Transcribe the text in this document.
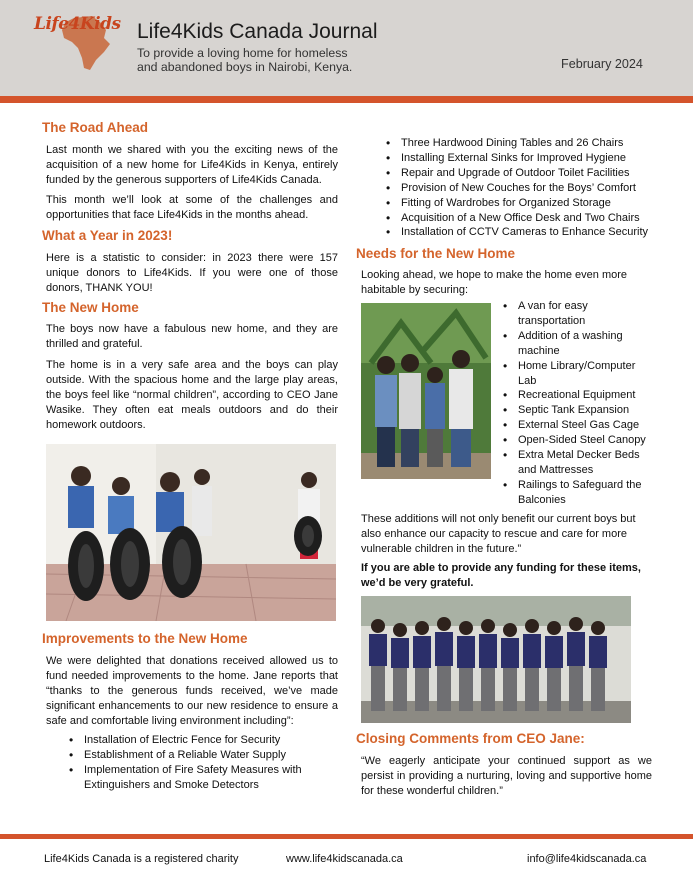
Life4Kids Life4Kids Canada Journal
To provide a loving home for homeless
and abandoned boys in Nairobi, Kenya.	February 2024
The Road Ahead
Last month we shared with you the exciting news of the acquisition of a new home for Life4Kids in Kenya, entirely funded by the generous supporters of Life4Kids Canada.
This month we’ll look at some of the challenges and opportunities that face Life4Kids in the months ahead.
What a Year in 2023!
Here is a statistic to consider: in 2023 there were 157 unique donors to Life4Kids. If you were one of those donors, THANK YOU!
The New Home
The boys now have a fabulous new home, and they are thrilled and grateful.
The home is in a very safe area and the boys can play outside. With the spacious home and the large play areas, the boys feel like “normal children”, according to CEO Jane Wasike. They often eat meals outdoors and do their homework outdoors.
Improvements to the New Home
We were delighted that donations received allowed us to fund needed improvements to the home. Jane reports that “thanks to the generous funds received, we’ve made significant enhancements to our new residence to ensure a safe and comfortable living environment including”:
• Installation of Electric Fence for Security
• Establishment of a Reliable Water Supply
• Implementation of Fire Safety Measures with Extinguishers and Smoke Detectors
• Three Hardwood Dining Tables and 26 Chairs
• Installing External Sinks for Improved Hygiene
• Repair and Upgrade of Outdoor Toilet Facilities
• Provision of New Couches for the Boys’ Comfort
• Fitting of Wardrobes for Organized Storage
• Acquisition of a New Office Desk and Two Chairs
• Installation of CCTV Cameras to Enhance Security
Needs for the New Home
Looking ahead, we hope to make the home even more habitable by securing:
• A van for easy transportation
• Addition of a washing machine
• Home Library/Computer Lab
• Recreational Equipment
• Septic Tank Expansion
• External Steel Gas Cage
• Open-Sided Steel Canopy
• Extra Metal Decker Beds and Mattresses
• Railings to Safeguard the Balconies
These additions will not only benefit our current boys but also enhance our capacity to rescue and care for more vulnerable children in the future.”
If you are able to provide any funding for these items, we’d be very grateful.
Closing Comments from CEO Jane:
“We eagerly anticipate your continued support as we persist in providing a nurturing, loving and supportive home for these wonderful children.”
Life4Kids Canada is a registered charity	www.life4kidscanada.ca	info@life4kidscanada.ca
